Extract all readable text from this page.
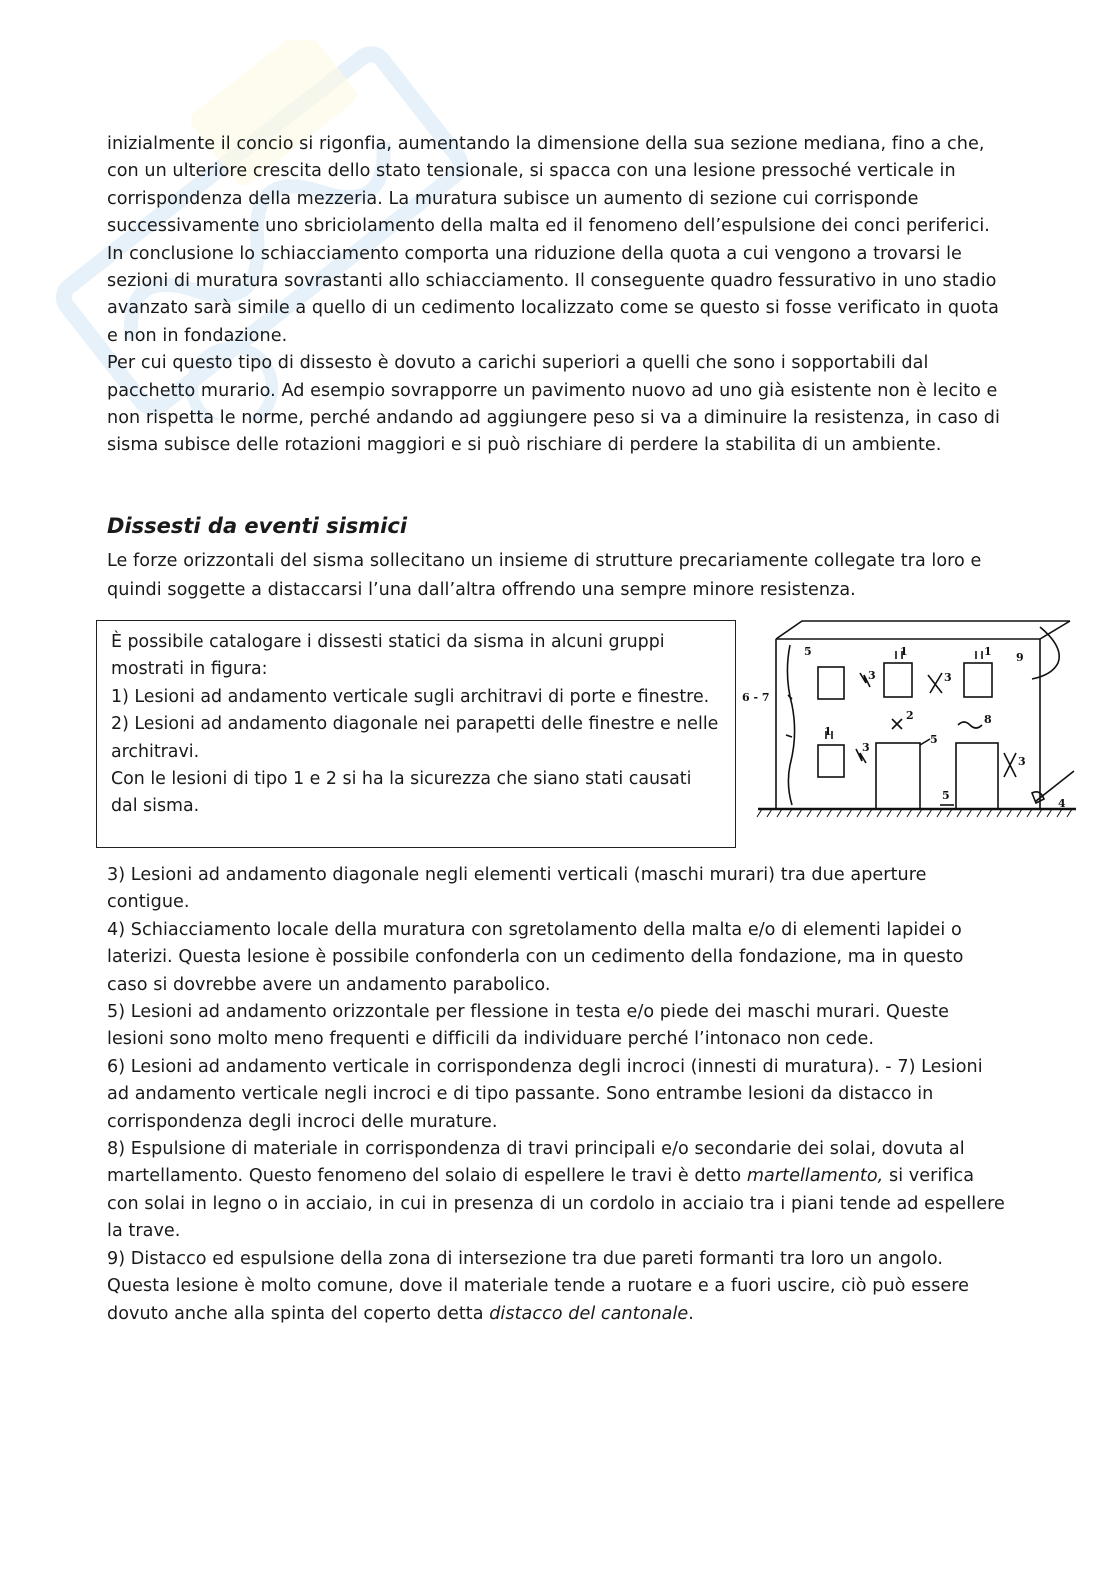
inizialmente il concio si rigonfia, aumentando la dimensione della sua sezione mediana, fino a che, con un ulteriore crescita dello stato tensionale, si spacca con una lesione pressoché verticale in corrispondenza della mezzeria. La muratura subisce un aumento di sezione cui corrisponde successivamente uno sbriciolamento della malta ed il fenomeno dell’espulsione dei conci periferici. In conclusione lo schiacciamento comporta una riduzione della quota a cui vengono a trovarsi le sezioni di muratura sovrastanti allo schiacciamento. Il conseguente quadro fessurativo in uno stadio avanzato sarà simile a quello di un cedimento localizzato come se questo si fosse verificato in quota e non in fondazione.

Per cui questo tipo di dissesto è dovuto a carichi superiori a quelli che sono i sopportabili dal pacchetto murario. Ad esempio sovrapporre un pavimento nuovo ad uno già esistente non è lecito e non rispetta le norme, perché andando ad aggiungere peso si va a diminuire la resistenza, in caso di sisma subisce delle rotazioni maggiori e si può rischiare di perdere la stabilita di un ambiente.

Dissesti da eventi sismici

Le forze orizzontali del sisma sollecitano un insieme di strutture precariamente collegate tra loro e quindi soggette a distaccarsi l’una dall’altra offrendo una sempre minore resistenza.

È possibile catalogare i dissesti statici da sisma in alcuni gruppi mostrati in figura:

1) Lesioni ad andamento verticale sugli architravi di porte e finestre.

2) Lesioni ad andamento diagonale nei parapetti delle finestre e nelle architravi.

Con le lesioni di tipo 1 e 2 si ha la sicurezza che siano stati causati dal sisma.

5	1	1 9
6 - 7
3	3
2	8
1
3
5
3
5
4

3) Lesioni ad andamento diagonale negli elementi verticali (maschi murari) tra due aperture contigue.

4) Schiacciamento locale della muratura con sgretolamento della malta e/o di elementi lapidei o laterizi. Questa lesione è possibile confonderla con un cedimento della fondazione, ma in questo caso si dovrebbe avere un andamento parabolico.

5) Lesioni ad andamento orizzontale per flessione in testa e/o piede dei maschi murari. Queste lesioni sono molto meno frequenti e difficili da individuare perché l’intonaco non cede.

6) Lesioni ad andamento verticale in corrispondenza degli incroci (innesti di muratura). - 7) Lesioni ad andamento verticale negli incroci e di tipo passante. Sono entrambe lesioni da distacco in corrispondenza degli incroci delle murature.

8) Espulsione di materiale in corrispondenza di travi principali e/o secondarie dei solai, dovuta al martellamento. Questo fenomeno del solaio di espellere le travi è detto martellamento, si verifica con solai in legno o in acciaio, in cui in presenza di un cordolo in acciaio tra i piani tende ad espellere la trave.

9) Distacco ed espulsione della zona di intersezione tra due pareti formanti tra loro un angolo. Questa lesione è molto comune, dove il materiale tende a ruotare e a fuori uscire, ciò può essere dovuto anche alla spinta del coperto detta distacco del cantonale.
